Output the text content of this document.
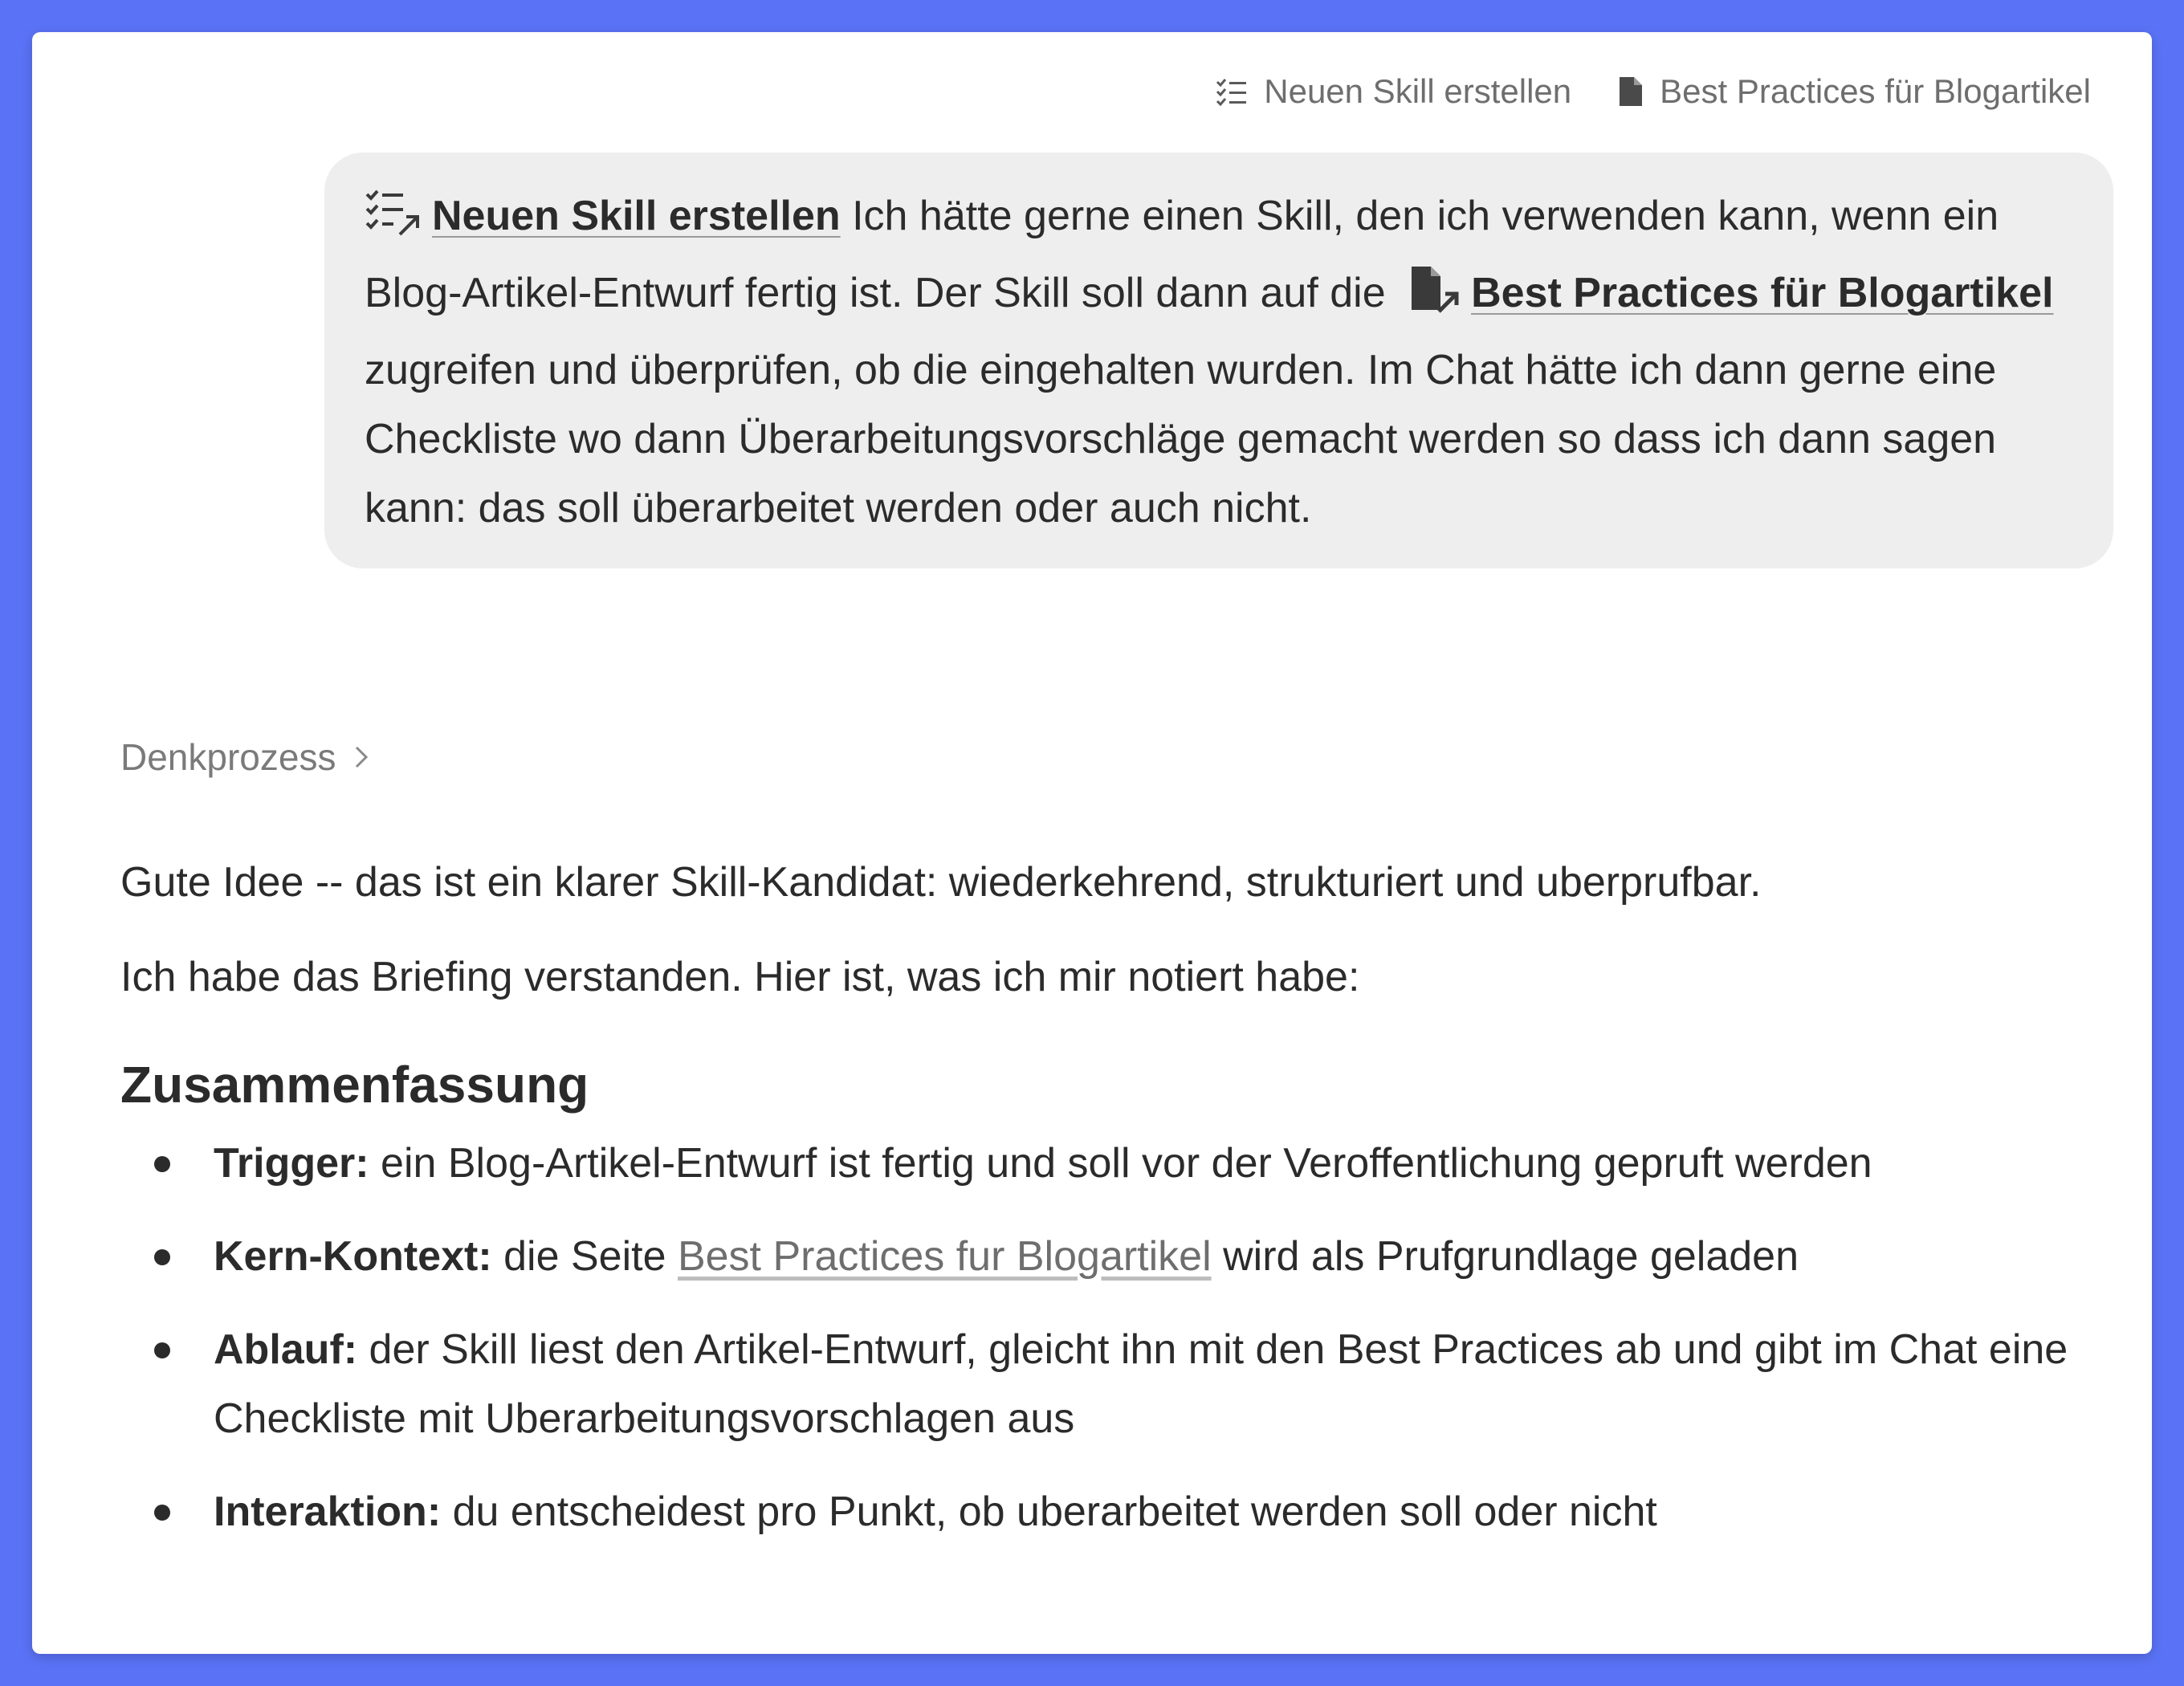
Neuen Skill erstellen	Best Practices für Blogartikel
Neuen Skill erstellen Ich hätte gerne einen Skill, den ich verwenden kann, wenn ein Blog-Artikel-Entwurf fertig ist. Der Skill soll dann auf die Best Practices für Blogartikel zugreifen und überprüfen, ob die eingehalten wurden. Im Chat hätte ich dann gerne eine Checkliste wo dann Überarbeitungsvorschläge gemacht werden so dass ich dann sagen kann: das soll überarbeitet werden oder auch nicht.
Denkprozess

Gute Idee -- das ist ein klarer Skill-Kandidat: wiederkehrend, strukturiert und uberprufbar.

Ich habe das Briefing verstanden. Hier ist, was ich mir notiert habe:

Zusammenfassung
Trigger: ein Blog-Artikel-Entwurf ist fertig und soll vor der Veroffentlichung gepruft werden
Kern-Kontext: die Seite Best Practices fur Blogartikel wird als Prufgrundlage geladen
Ablauf: der Skill liest den Artikel-Entwurf, gleicht ihn mit den Best Practices ab und gibt im Chat eine Checkliste mit Uberarbeitungsvorschlagen aus
Interaktion: du entscheidest pro Punkt, ob uberarbeitet werden soll oder nicht
